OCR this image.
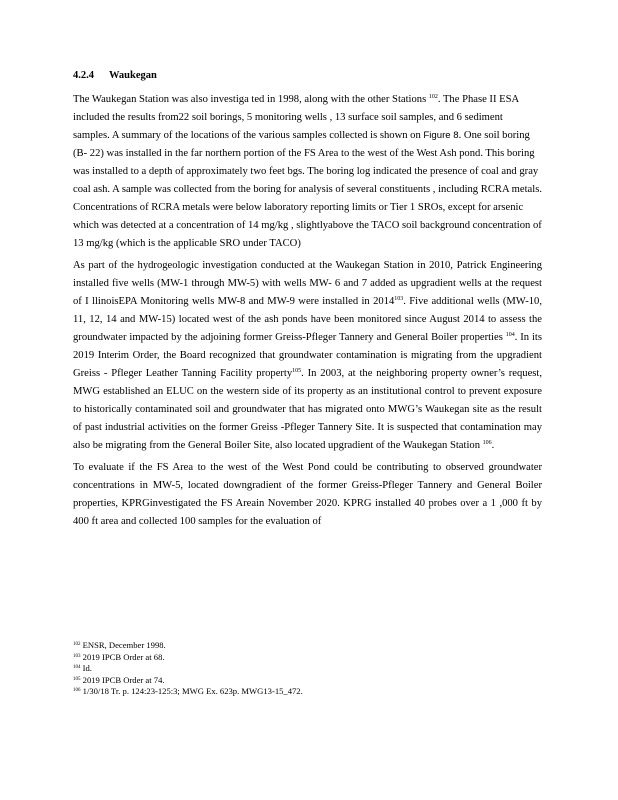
4.2.4 Waukegan

The Waukegan Station was also investiga ted in 1998, along with the other Stations $^{102}$. The Phase II ESA included the results from22 soil borings, 5 monitoring wells , 13 surface soil samples, and 6 sediment samples. A summary of the locations of the various samples collected is shown on Figure 8. One soil boring (B- 22) was installed in the far northern portion of the FS Area to the west of the West Ash pond. This boring was installed to a depth of approximately two feet bgs. The boring log indicated the presence of coal and gray coal ash. A sample was collected from the boring for analysis of several constituents , including RCRA metals. Concentrations of RCRA metals were below laboratory reporting limits or Tier 1 SROs, except for arsenic which was detected at a concentration of 14 mg/kg , slightlyabove the TACO soil background concentration of 13 mg/kg (which is the applicable SRO under TACO)

As part of the hydrogeologic investigation conducted at the Waukegan Station in 2010, Patrick Engineering installed five wells (MW-1 through MW-5) with wells MW- 6 and 7 added as upgradient wells at the request of I llinoisEPA Monitoring wells MW-8 and MW-9 were installed in 2014$^{103}$. Five additional wells (MW-10, 11, 12, 14 and MW-15) located west of the ash ponds have been monitored since August 2014 to assess the groundwater impacted by the adjoining former Greiss-Pfleger Tannery and General Boiler properties $^{104}$. In its 2019 Interim Order, the Board recognized that groundwater contamination is migrating from the upgradient Greiss - Pfleger Leather Tanning Facility property$^{105}$. In 2003, at the neighboring property owner’s request, MWG established an ELUC on the western side of its property as an institutional control to prevent exposure to historically contaminated soil and groundwater that has migrated onto MWG’s Waukegan site as the result of past industrial activities on the former Greiss -Pfleger Tannery Site. It is suspected that contamination may also be migrating from the General Boiler Site, also located upgradient of the Waukegan Station $^{106}$.

To evaluate if the FS Area to the west of the West Pond could be contributing to observed groundwater concentrations in MW-5, located downgradient of the former Greiss-Pfleger Tannery and General Boiler properties, KPRGinvestigated the FS Areain November 2020. KPRG installed 40 probes over a 1 ,000 ft by 400 ft area and collected 100 samples for the evaluation of

$^{102}$ ENSR, December 1998.
$^{103}$ 2019 IPCB Order at 68.
$^{104}$ Id.
$^{105}$ 2019 IPCB Order at 74.
$^{106}$ 1/30/18 Tr. p. 124:23-125:3; MWG Ex. 623p. MWG13-15_472.
